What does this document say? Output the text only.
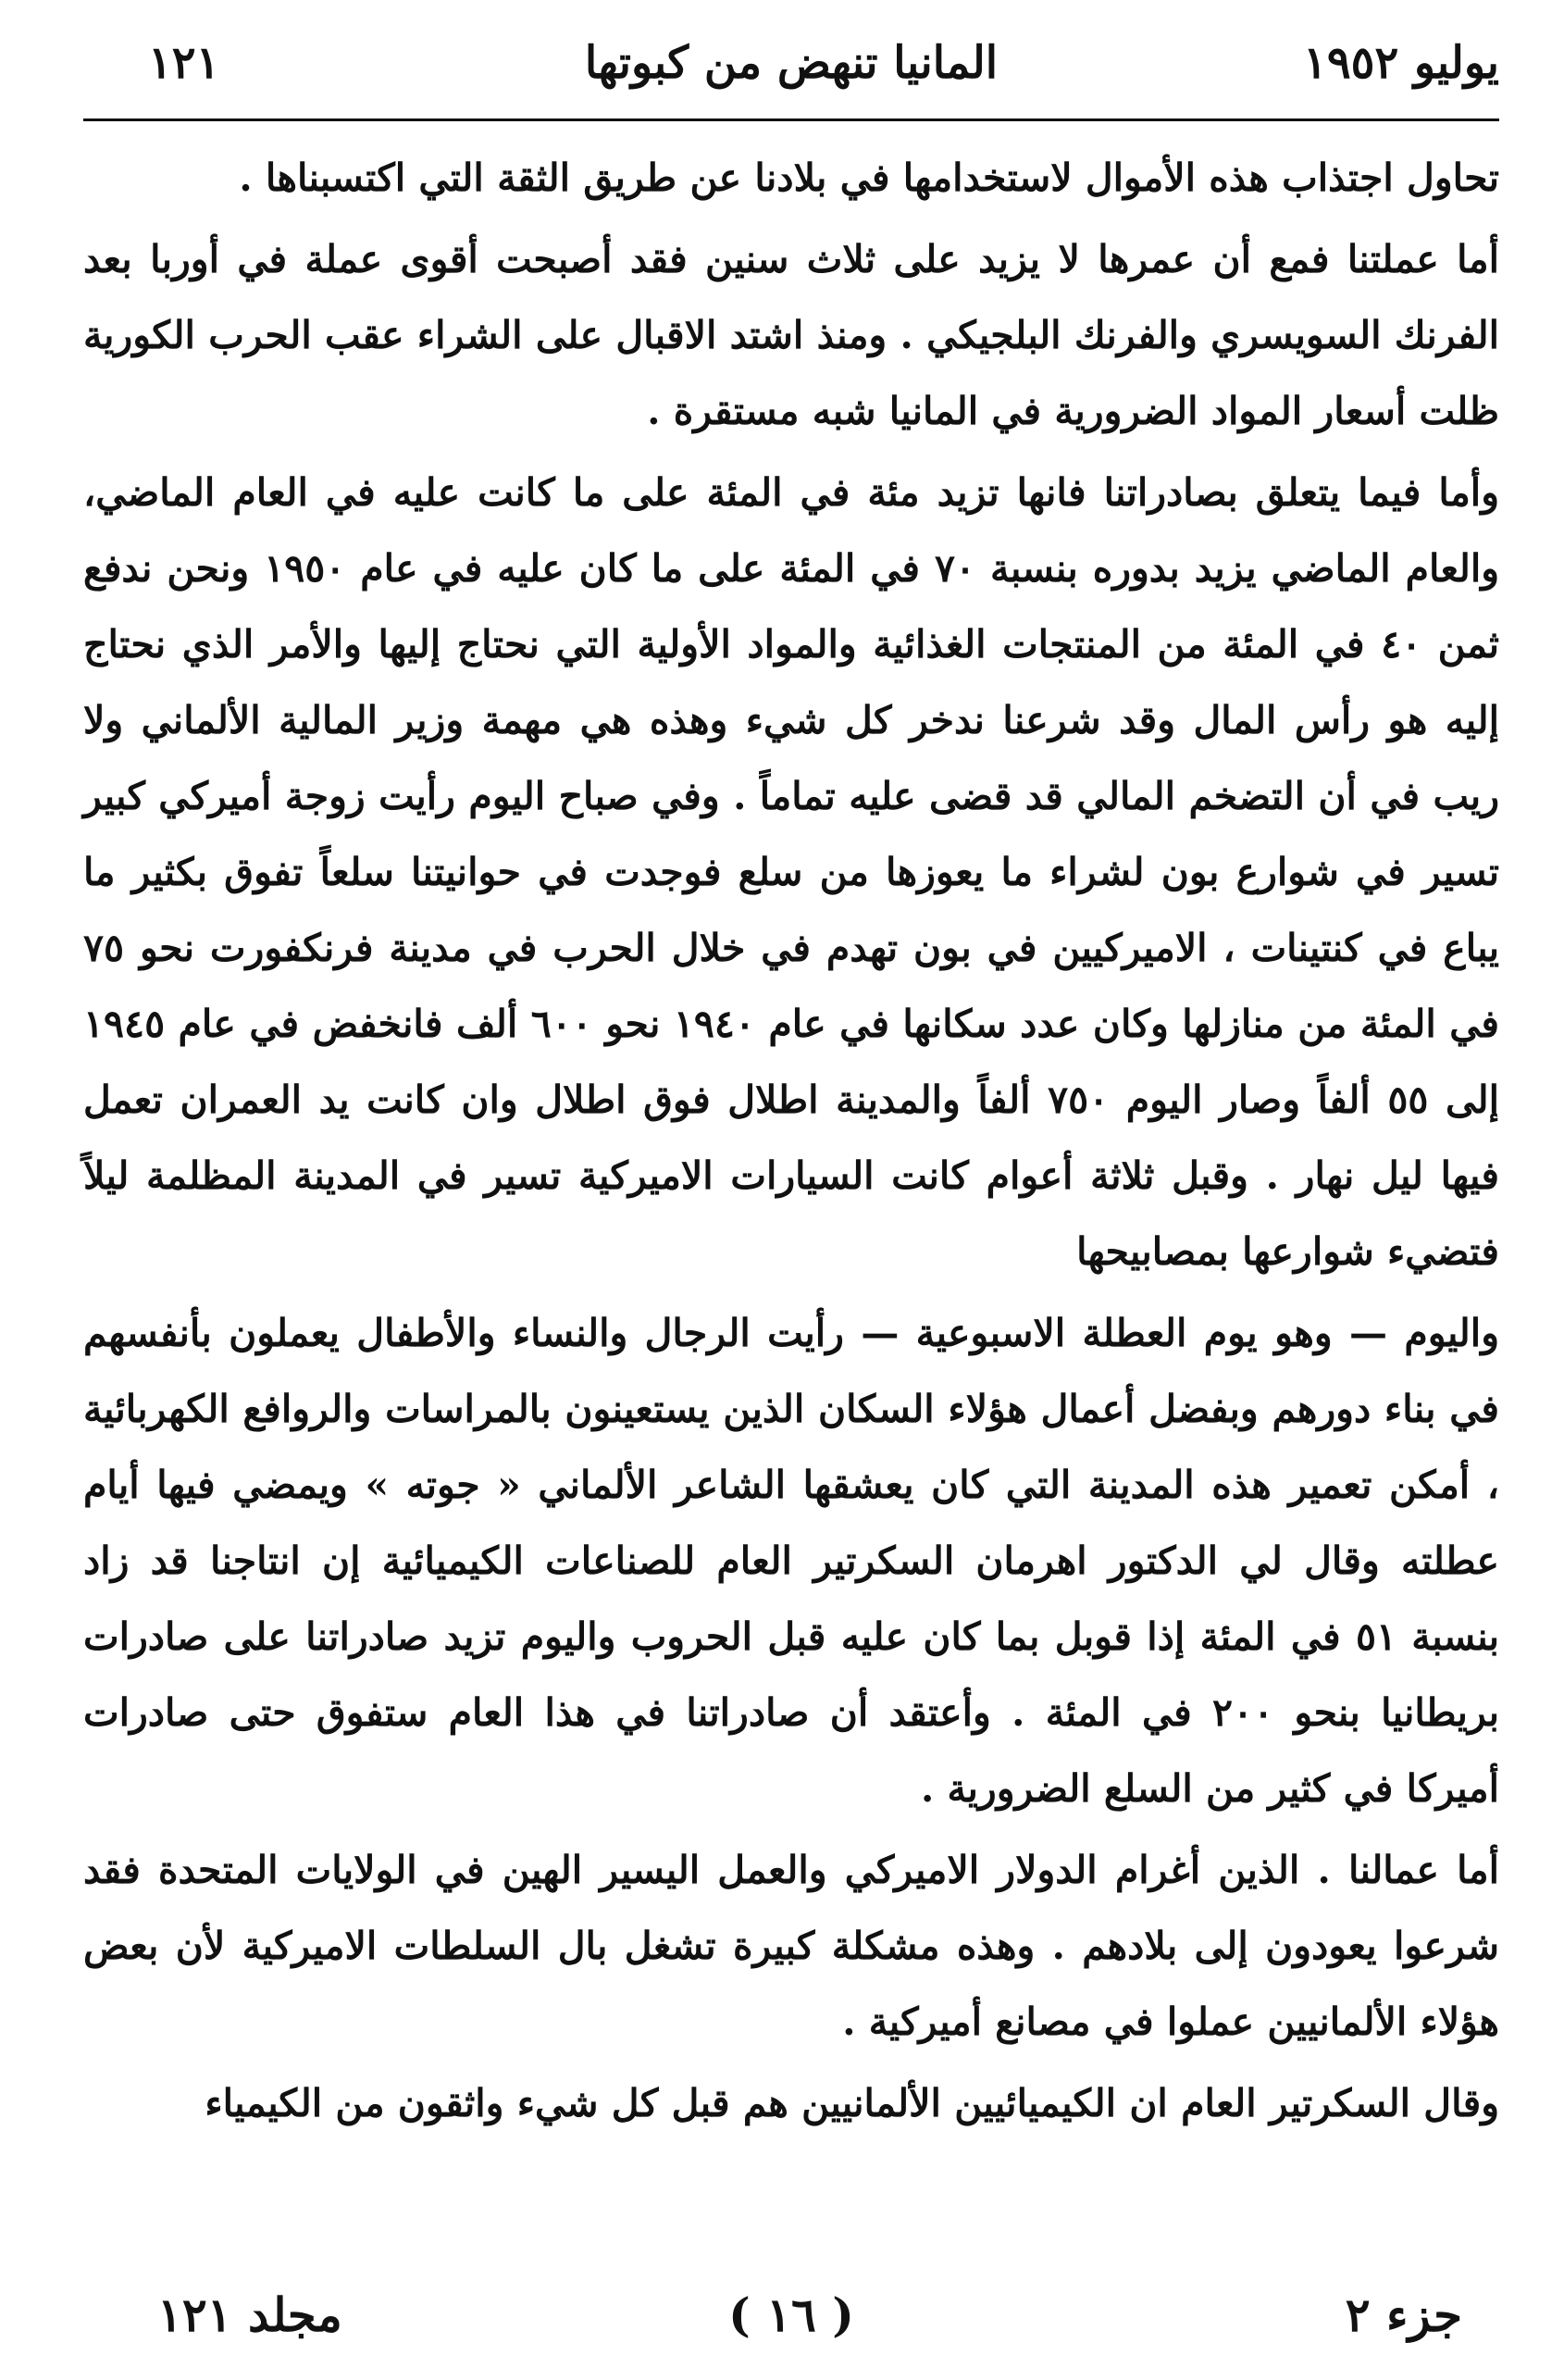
يوليو ١٩٥٢
المانيا تنهض من كبوتها
١٢١

تحاول اجتذاب هذه الأموال لاستخدامها في بلادنا عن طريق الثقة التي اكتسبناها .

أما عملتنا فمع أن عمرها لا يزيد على ثلاث سنين فقد أصبحت أقوى عملة في أوربا بعد الفرنك السويسري والفرنك البلجيكي . ومنذ اشتد الاقبال على الشراء عقب الحرب الكورية ظلت أسعار المواد الضرورية في المانيا شبه مستقرة .

وأما فيما يتعلق بصادراتنا فانها تزيد مئة في المئة على ما كانت عليه في العام الماضي، والعام الماضي يزيد بدوره بنسبة ٧٠ في المئة على ما كان عليه في عام ١٩٥٠ ونحن ندفع ثمن ٤٠ في المئة من المنتجات الغذائية والمواد الأولية التي نحتاج إليها والأمر الذي نحتاج إليه هو رأس المال وقد شرعنا ندخر كل شيء وهذه هي مهمة وزير المالية الألماني ولا ريب في أن التضخم المالي قد قضى عليه تماماً . وفي صباح اليوم رأيت زوجة أميركي كبير تسير في شوارع بون لشراء ما يعوزها من سلع فوجدت في حوانيتنا سلعاً تفوق بكثير ما يباع في كنتينات ، الاميركيين في بون تهدم في خلال الحرب في مدينة فرنكفورت نحو ٧٥ في المئة من منازلها وكان عدد سكانها في عام ١٩٤٠ نحو ٦٠٠ ألف فانخفض في عام ١٩٤٥ إلى ٥٥ ألفاً وصار اليوم ٧٥٠ ألفاً والمدينة اطلال فوق اطلال وان كانت يد العمران تعمل فيها ليل نهار . وقبل ثلاثة أعوام كانت السيارات الاميركية تسير في المدينة المظلمة ليلاً فتضيء شوارعها بمصابيحها

واليوم — وهو يوم العطلة الاسبوعية — رأيت الرجال والنساء والأطفال يعملون بأنفسهم في بناء دورهم وبفضل أعمال هؤلاء السكان الذين يستعينون بالمراسات والروافع الكهربائية ، أمكن تعمير هذه المدينة التي كان يعشقها الشاعر الألماني « جوته » ويمضي فيها أيام عطلته وقال لي الدكتور اهرمان السكرتير العام للصناعات الكيميائية إن انتاجنا قد زاد بنسبة ٥١ في المئة إذا قوبل بما كان عليه قبل الحروب واليوم تزيد صادراتنا على صادرات بريطانيا بنحو ٢٠٠ في المئة . وأعتقد أن صادراتنا في هذا العام ستفوق حتى صادرات أميركا في كثير من السلع الضرورية .

أما عمالنا . الذين أغرام الدولار الاميركي والعمل اليسير الهين في الولايات المتحدة فقد شرعوا يعودون إلى بلادهم . وهذه مشكلة كبيرة تشغل بال السلطات الاميركية لأن بعض هؤلاء الألمانيين عملوا في مصانع أميركية .

وقال السكرتير العام ان الكيميائيين الألمانيين هم قبل كل شيء واثقون من الكيمياء

جزء ٢
( ١٦ )
مجلد ١٢١
